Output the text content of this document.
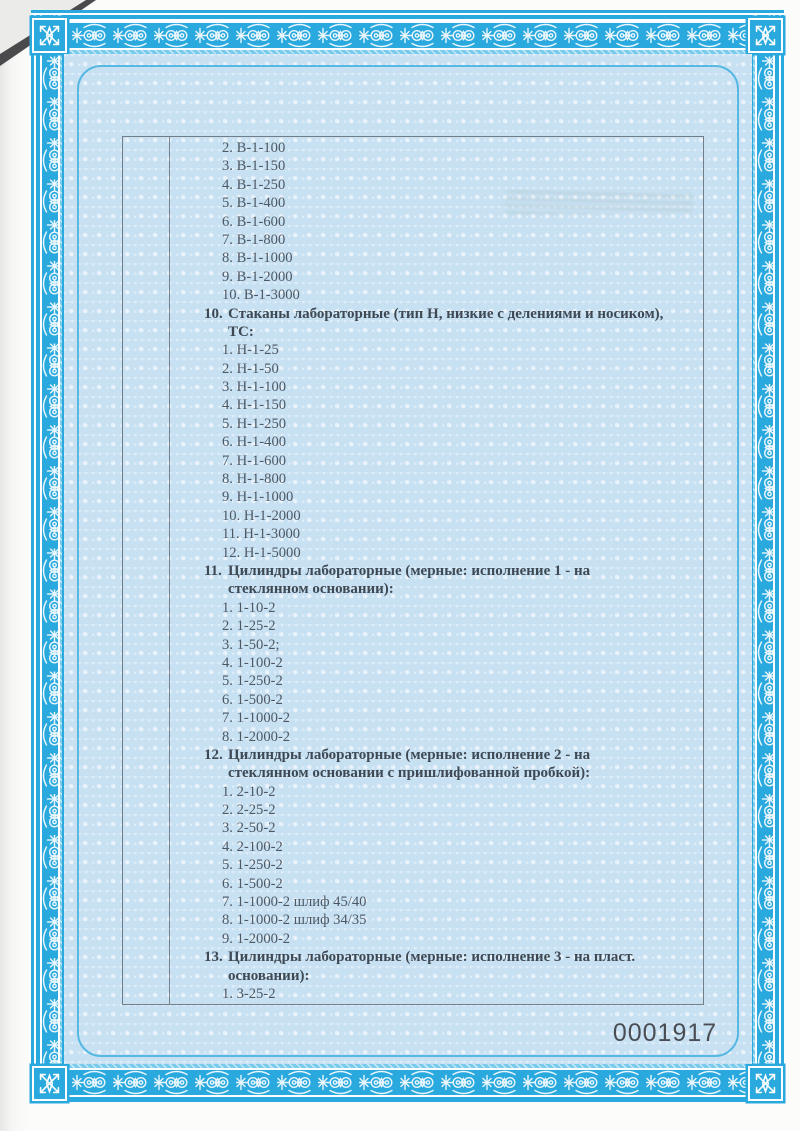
2. В-1-100
3. В-1-150
4. В-1-250
5. В-1-400
6. В-1-600
7. В-1-800
8. В-1-1000
9. В-1-2000
10. В-1-3000
10. Стаканы лабораторные (тип Н, низкие с делениями и носиком),
ТС:
1. Н-1-25
2. Н-1-50
3. Н-1-100
4. Н-1-150
5. Н-1-250
6. Н-1-400
7. Н-1-600
8. Н-1-800
9. Н-1-1000
10. Н-1-2000
11. Н-1-3000
12. Н-1-5000
11. Цилиндры лабораторные (мерные: исполнение 1 - на
стеклянном основании):
1. 1-10-2
2. 1-25-2
3. 1-50-2;
4. 1-100-2
5. 1-250-2
6. 1-500-2
7. 1-1000-2
8. 1-2000-2
12. Цилиндры лабораторные (мерные: исполнение 2 - на
стеклянном основании с пришлифованной пробкой):
1. 2-10-2
2. 2-25-2
3. 2-50-2
4. 2-100-2
5. 1-250-2
6. 1-500-2
7. 1-1000-2 шлиф 45/40
8. 1-1000-2 шлиф 34/35
9. 1-2000-2
13. Цилиндры лабораторные (мерные: исполнение 3 - на пласт.
основании):
1. 3-25-2
0001917
